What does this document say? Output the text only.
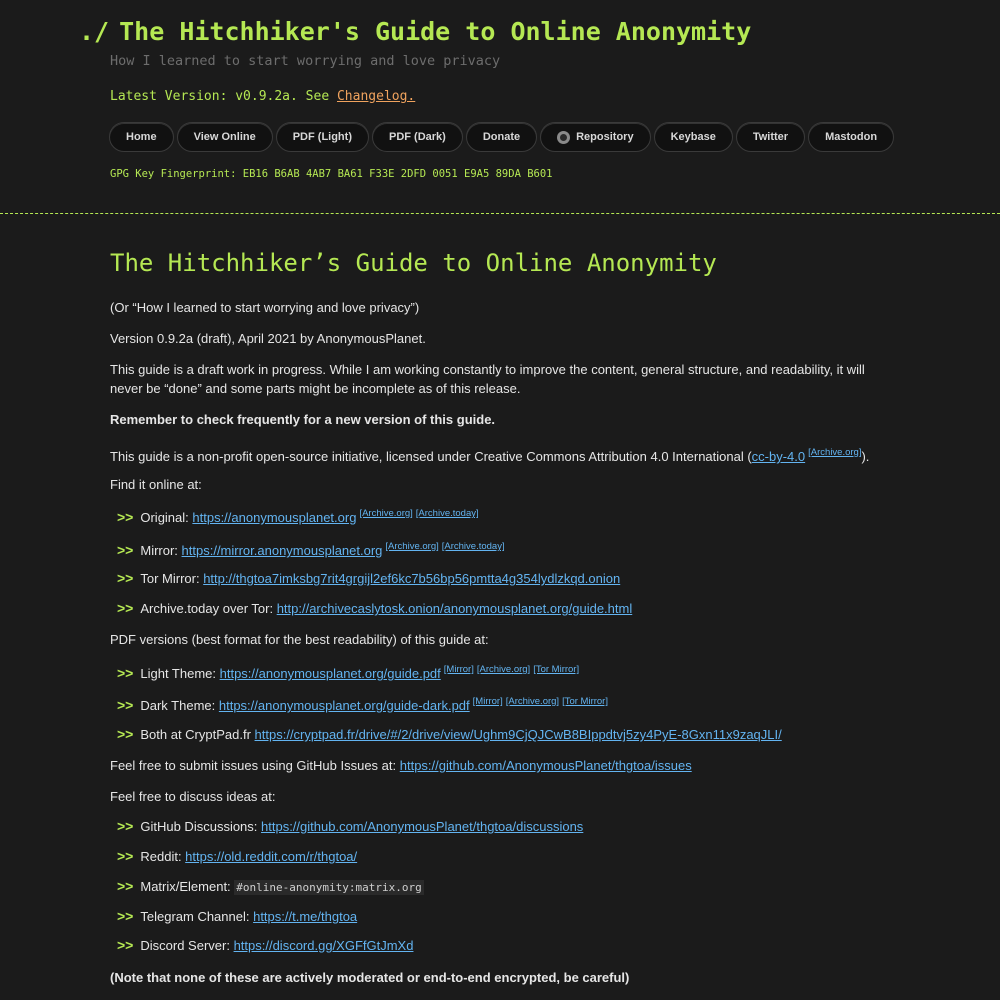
./ The Hitchhiker's Guide to Online Anonymity
How I learned to start worrying and love privacy
Latest Version: v0.9.2a. See Changelog.
Home	View Online	PDF (Light)	PDF (Dark)	Donate	Repository	Keybase	Twitter	Mastodon
GPG Key Fingerprint: EB16 B6AB 4AB7 BA61 F33E 2DFD 0051 E9A5 89DA B601
The Hitchhiker’s Guide to Online Anonymity
(Or “How I learned to start worrying and love privacy”)
Version 0.9.2a (draft), April 2021 by AnonymousPlanet.
This guide is a draft work in progress. While I am working constantly to improve the content, general structure, and readability, it will never be “done” and some parts might be incomplete as of this release.
Remember to check frequently for a new version of this guide.
This guide is a non-profit open-source initiative, licensed under Creative Commons Attribution 4.0 International (cc-by-4.0 [Archive.org]).
Find it online at:
>> Original: https://anonymousplanet.org [Archive.org] [Archive.today]
>> Mirror: https://mirror.anonymousplanet.org [Archive.org] [Archive.today]
>> Tor Mirror: http://thgtoa7imksbg7rit4grgijl2ef6kc7b56bp56pmtta4g354lydlzkqd.onion
>> Archive.today over Tor: http://archivecaslytosk.onion/anonymousplanet.org/guide.html
PDF versions (best format for the best readability) of this guide at:
>> Light Theme: https://anonymousplanet.org/guide.pdf [Mirror] [Archive.org] [Tor Mirror]
>> Dark Theme: https://anonymousplanet.org/guide-dark.pdf [Mirror] [Archive.org] [Tor Mirror]
>> Both at CryptPad.fr https://cryptpad.fr/drive/#/2/drive/view/Ughm9CjQJCwB8BIppdtvj5zy4PyE-8Gxn11x9zaqJLI/
Feel free to submit issues using GitHub Issues at: https://github.com/AnonymousPlanet/thgtoa/issues
Feel free to discuss ideas at:
>> GitHub Discussions: https://github.com/AnonymousPlanet/thgtoa/discussions
>> Reddit: https://old.reddit.com/r/thgtoa/
>> Matrix/Element: #online-anonymity:matrix.org
>> Telegram Channel: https://t.me/thgtoa
>> Discord Server: https://discord.gg/XGFfGtJmXd
(Note that none of these are actively moderated or end-to-end encrypted, be careful)
